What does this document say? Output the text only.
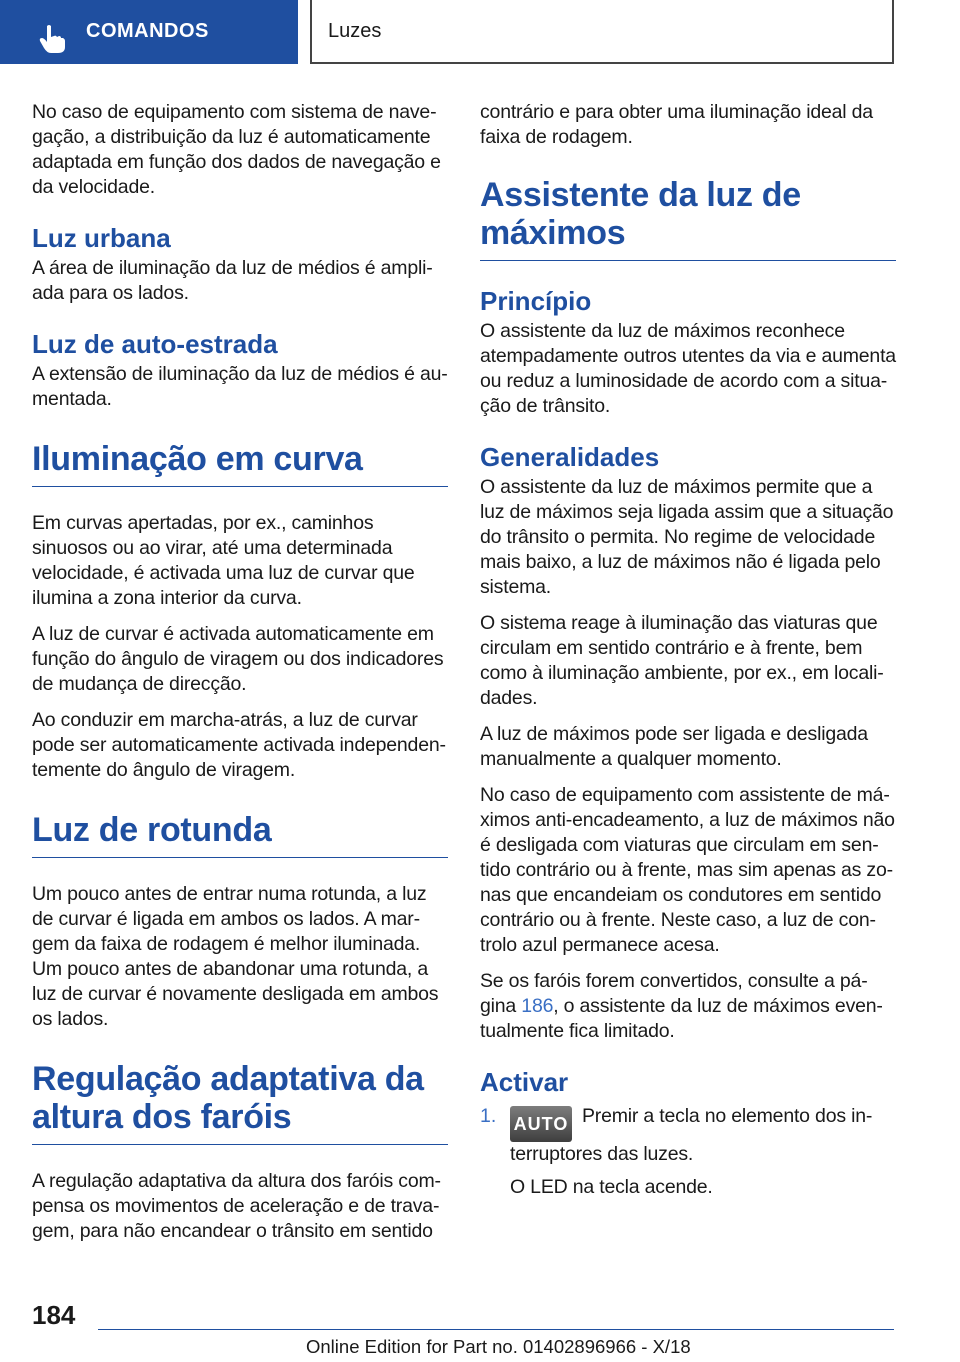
COMANDOS	Luzes

No caso de equipamento com sistema de navegação, a distribuição da luz é automaticamente adaptada em função dos dados de navegação e da velocidade.

Luz urbana

A área de iluminação da luz de médios é ampliada para os lados.

Luz de auto-estrada

A extensão de iluminação da luz de médios é aumentada.

Iluminação em curva

Em curvas apertadas, por ex., caminhos sinuosos ou ao virar, até uma determinada velocidade, é activada uma luz de curvar que ilumina a zona interior da curva.

A luz de curvar é activada automaticamente em função do ângulo de viragem ou dos indicadores de mudança de direcção.

Ao conduzir em marcha-atrás, a luz de curvar pode ser automaticamente activada independentemente do ângulo de viragem.

Luz de rotunda

Um pouco antes de entrar numa rotunda, a luz de curvar é ligada em ambos os lados. A margem da faixa de rodagem é melhor iluminada. Um pouco antes de abandonar uma rotunda, a luz de curvar é novamente desligada em ambos os lados.

Regulação adaptativa da altura dos faróis

A regulação adaptativa da altura dos faróis compensa os movimentos de aceleração e de travagem, para não encandear o trânsito em sentido

contrário e para obter uma iluminação ideal da faixa de rodagem.

Assistente da luz de máximos
Princípio

O assistente da luz de máximos reconhece atempadamente outros utentes da via e aumenta ou reduz a luminosidade de acordo com a situação de trânsito.

Generalidades

O assistente da luz de máximos permite que a luz de máximos seja ligada assim que a situação do trânsito o permita. No regime de velocidade mais baixo, a luz de máximos não é ligada pelo sistema.

O sistema reage à iluminação das viaturas que circulam em sentido contrário e à frente, bem como à iluminação ambiente, por ex., em localidades.

A luz de máximos pode ser ligada e desligada manualmente a qualquer momento.

No caso de equipamento com assistente de máximos anti-encadeamento, a luz de máximos não é desligada com viaturas que circulam em sentido contrário ou à frente, mas sim apenas as zonas que encandeiam os condutores em sentido contrário ou à frente. Neste caso, a luz de controlo azul permanece acesa.

Se os faróis forem convertidos, consulte a página 186, o assistente da luz de máximos eventualmente fica limitado.

Activar
1. AUTO Premir a tecla no elemento dos interruptores das luzes.

O LED na tecla acende.

184
Online Edition for Part no. 01402896966 - X/18
